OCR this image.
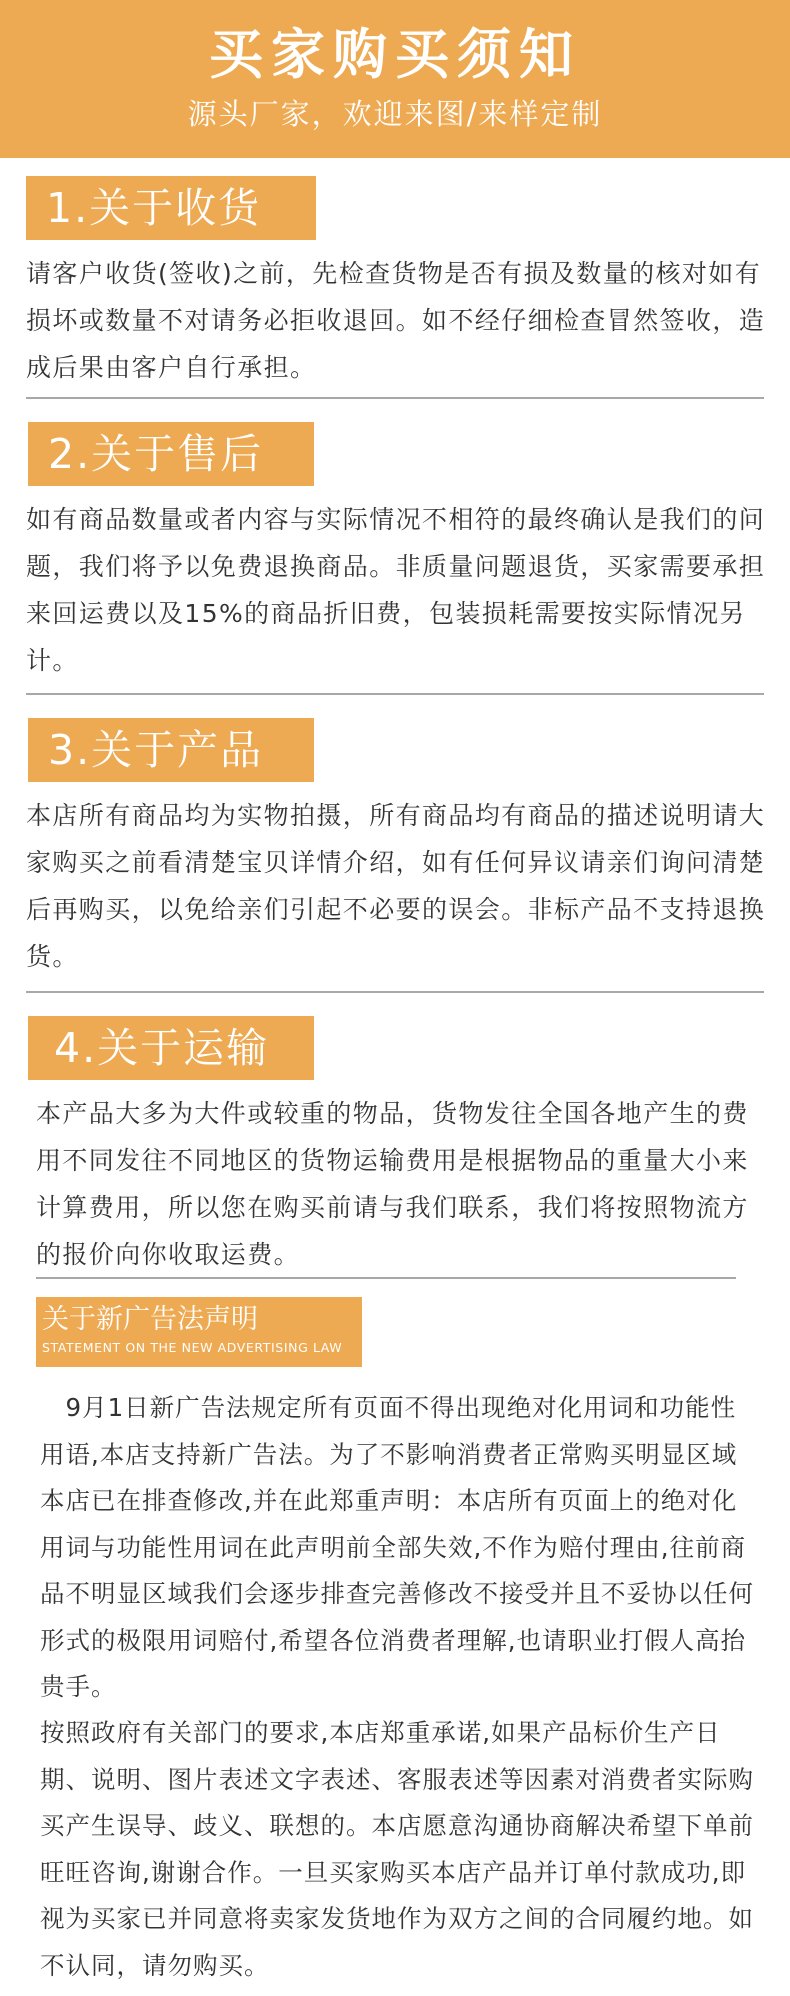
买家购买须知
源头厂家，欢迎来图/来样定制
1.关于收货
请客户收货(签收)之前，先检查货物是否有损及数量的核对如有损坏或数量不对请务必拒收退回。如不经仔细检查冒然签收，造成后果由客户自行承担。
2.关于售后
如有商品数量或者内容与实际情况不相符的最终确认是我们的问题，我们将予以免费退换商品。非质量问题退货，买家需要承担来回运费以及15%的商品折旧费，包装损耗需要按实际情况另计。
3.关于产品
本店所有商品均为实物拍摄，所有商品均有商品的描述说明请大家购买之前看清楚宝贝详情介绍，如有任何异议请亲们询问清楚后再购买，以免给亲们引起不必要的误会。非标产品不支持退换货。
4.关于运输
本产品大多为大件或较重的物品，货物发往全国各地产生的费用不同发往不同地区的货物运输费用是根据物品的重量大小来计算费用，所以您在购买前请与我们联系，我们将按照物流方的报价向你收取运费。
关于新广告法声明
STATEMENT ON THE NEW ADVERTISING LAW
　9月1日新广告法规定所有页面不得出现绝对化用词和功能性用语,本店支持新广告法。为了不影响消费者正常购买明显区域本店已在排查修改,并在此郑重声明：本店所有页面上的绝对化用词与功能性用词在此声明前全部失效,不作为赔付理由,往前商品不明显区域我们会逐步排查完善修改不接受并且不妥协以任何形式的极限用词赔付,希望各位消费者理解,也请职业打假人高抬贵手。
按照政府有关部门的要求,本店郑重承诺,如果产品标价生产日期、说明、图片表述文字表述、客服表述等因素对消费者实际购买产生误导、歧义、联想的。本店愿意沟通协商解决希望下单前旺旺咨询,谢谢合作。一旦买家购买本店产品并订单付款成功,即视为买家已并同意将卖家发货地作为双方之间的合同履约地。如不认同，请勿购买。
